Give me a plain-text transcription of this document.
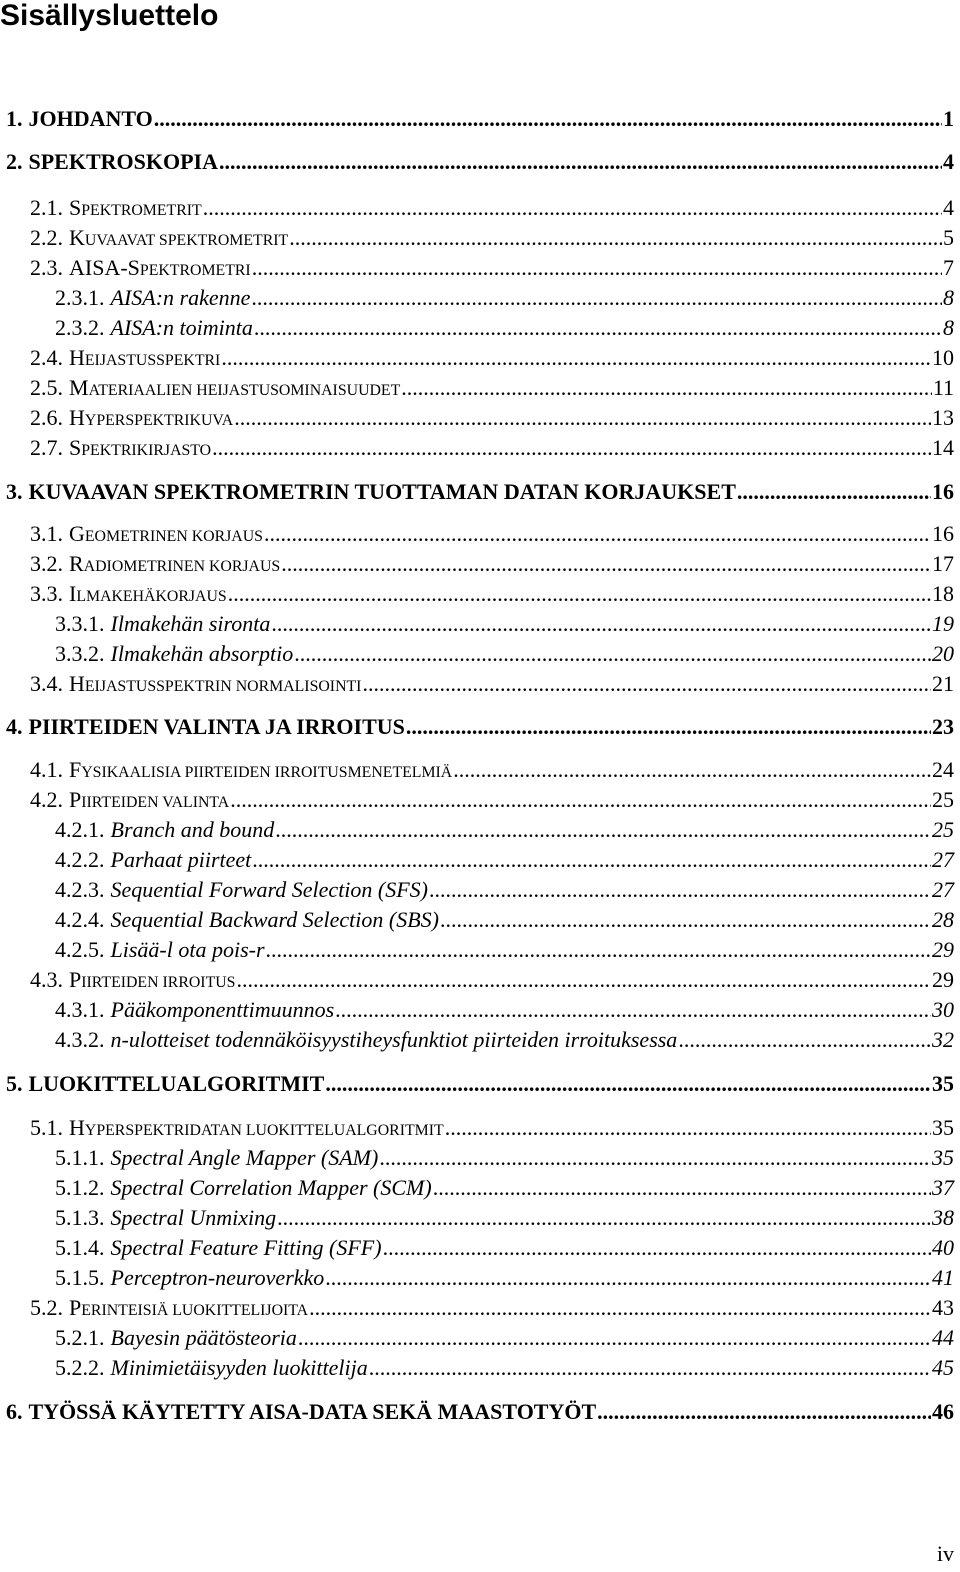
Sisällysluettelo
1. JOHDANTO .....	1
2. SPEKTROSKOPIA .....	4
2.1. SPEKTROMETRIT .....	4
2.2. KUVAAVAT SPEKTROMETRIT .....	5
2.3. AISA-SPEKTROMETRI .....	7
2.3.1. AISA:n rakenne .....	8
2.3.2. AISA:n toiminta .....	8
2.4. HEIJASTUSSPEKTRI .....	10
2.5. MATERIAALIEN HEIJASTUSOMINAISUUDET .....	11
2.6. HYPERSPEKTRIKUVA .....	13
2.7. SPEKTRIKIRJASTO .....	14
3. KUVAAVAN SPEKTROMETRIN TUOTTAMAN DATAN KORJAUKSET .....	16
3.1. GEOMETRINEN KORJAUS .....	16
3.2. RADIOMETRINEN KORJAUS .....	17
3.3. ILMAKEHÄKORJAUS .....	18
3.3.1. Ilmakehän sironta .....	19
3.3.2. Ilmakehän absorptio .....	20
3.4. HEIJASTUSSPEKTRIN NORMALISOINTI .....	21
4. PIIRTEIDEN VALINTA JA IRROITUS .....	23
4.1. FYSIKAALISIA PIIRTEIDEN IRROITUSMENETELMIÄ .....	24
4.2. PIIRTEIDEN VALINTA .....	25
4.2.1. Branch and bound .....	25
4.2.2. Parhaat piirteet .....	27
4.2.3. Sequential Forward Selection (SFS) .....	27
4.2.4. Sequential Backward Selection (SBS) .....	28
4.2.5. Lisää-l ota pois-r .....	29
4.3. PIIRTEIDEN IRROITUS .....	29
4.3.1. Pääkomponenttimuunnos .....	30
4.3.2. n-ulotteiset todennäköisyystiheysfunktiot piirteiden irroituksessa .....	32
5. LUOKITTELUALGORITMIT .....	35
5.1. HYPERSPEKTRIDATAN LUOKITTELUALGORITMIT .....	35
5.1.1. Spectral Angle Mapper (SAM) .....	35
5.1.2. Spectral Correlation Mapper (SCM) .....	37
5.1.3. Spectral Unmixing .....	38
5.1.4. Spectral Feature Fitting (SFF) .....	40
5.1.5. Perceptron-neuroverkko .....	41
5.2. PERINTEISIÄ LUOKITTELIJOITA .....	43
5.2.1. Bayesin päätösteoria .....	44
5.2.2. Minimietäisyyden luokittelija .....	45
6. TYÖSSÄ KÄYTETTY AISA-DATA SEKÄ MAASTOTYÖT .....	46
iv
